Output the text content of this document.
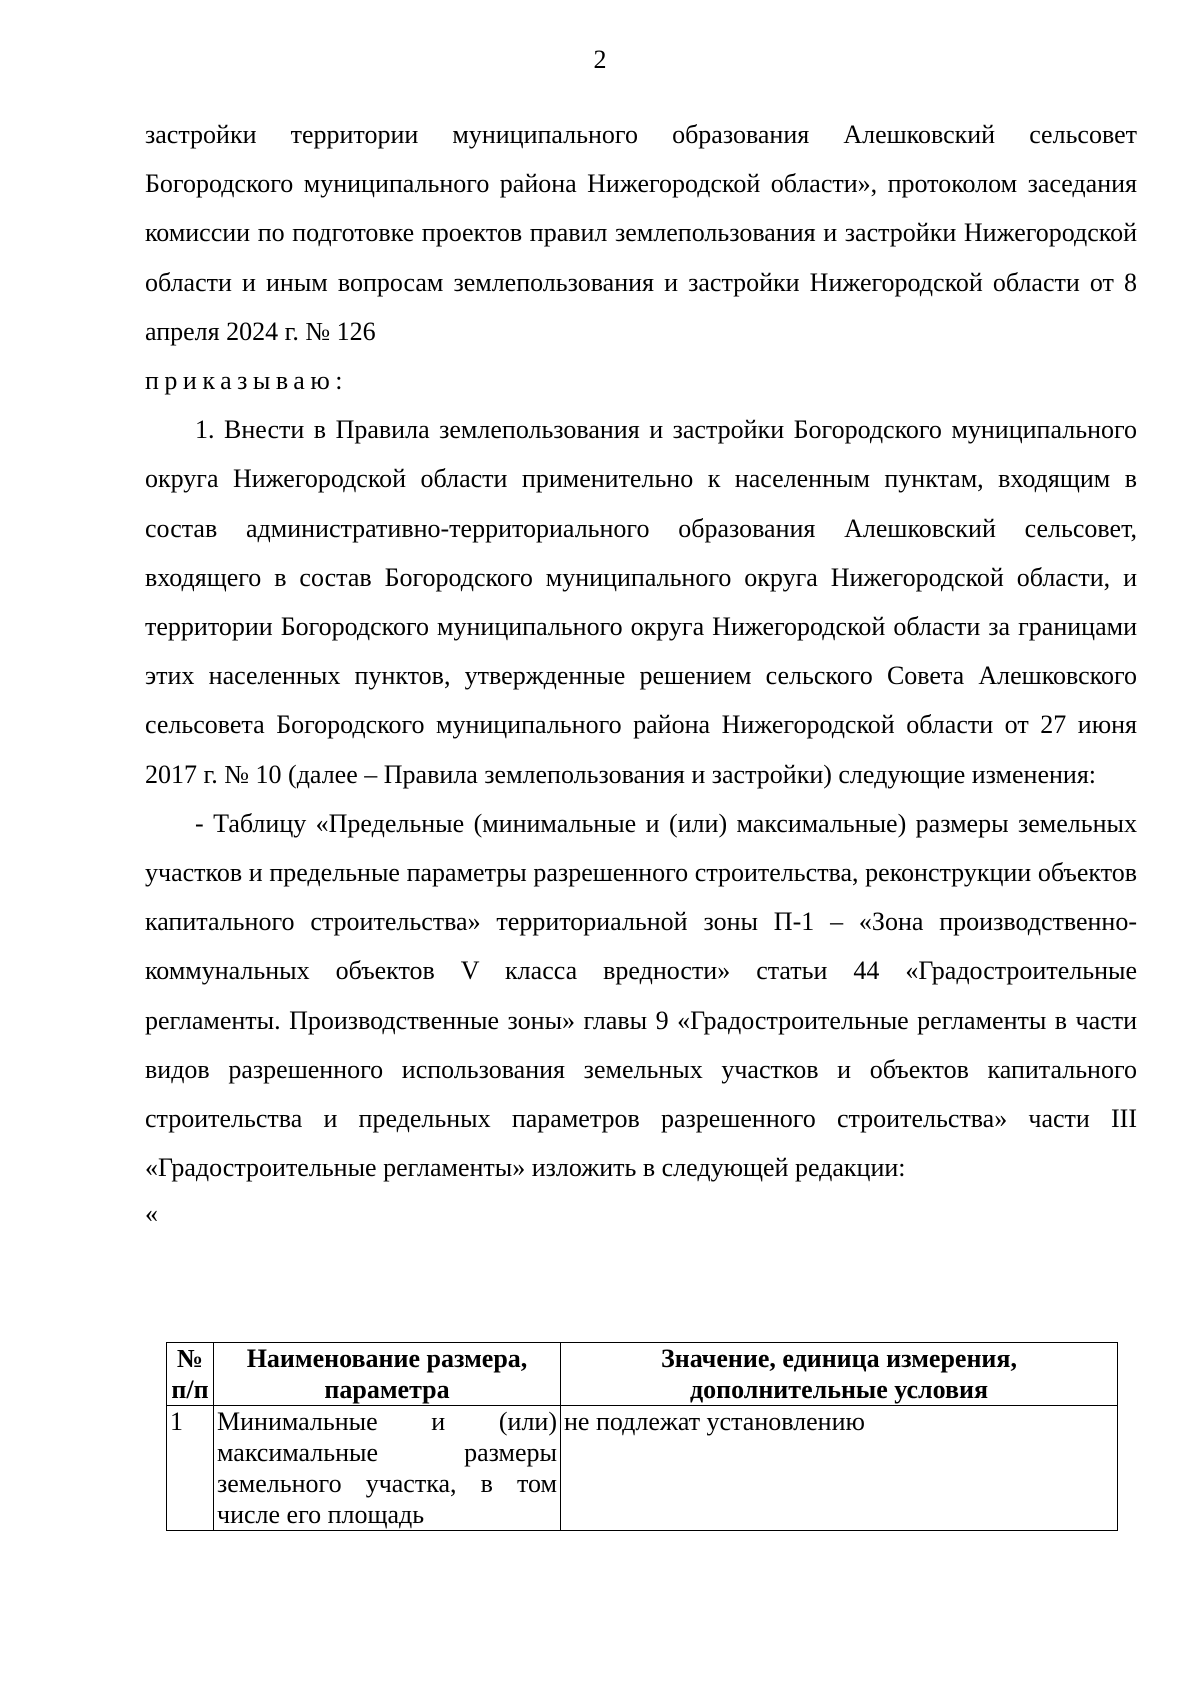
2

застройки территории муниципального образования Алешковский сельсовет Богородского муниципального района Нижегородской области», протоколом заседания комиссии по подготовке проектов правил землепользования и застройки Нижегородской области и иным вопросам землепользования и застройки Нижегородской области от 8 апреля 2024 г. № 126

приказываю:

1. Внести в Правила землепользования и застройки Богородского муниципального округа Нижегородской области применительно к населенным пунктам, входящим в состав административно-территориального образования Алешковский сельсовет, входящего в состав Богородского муниципального округа Нижегородской области, и территории Богородского муниципального округа Нижегородской области за границами этих населенных пунктов, утвержденные решением сельского Совета Алешковского сельсовета Богородского муниципального района Нижегородской области от 27 июня 2017 г. № 10 (далее – Правила землепользования и застройки) следующие изменения:

- Таблицу «Предельные (минимальные и (или) максимальные) размеры земельных участков и предельные параметры разрешенного строительства, реконструкции объектов капитального строительства» территориальной зоны П-1 – «Зона производственно-коммунальных объектов V класса вредности» статьи 44 «Градостроительные регламенты. Производственные зоны» главы 9 «Градостроительные регламенты в части видов разрешенного использования земельных участков и объектов капитального строительства и предельных параметров разрешенного строительства» части III «Градостроительные регламенты» изложить в следующей редакции:

«

№ п/п	Наименование размера, параметра	Значение, единица измерения, дополнительные условия
1	Минимальные и (или) максимальные размеры земельного участка, в том числе его площадь	не подлежат установлению
